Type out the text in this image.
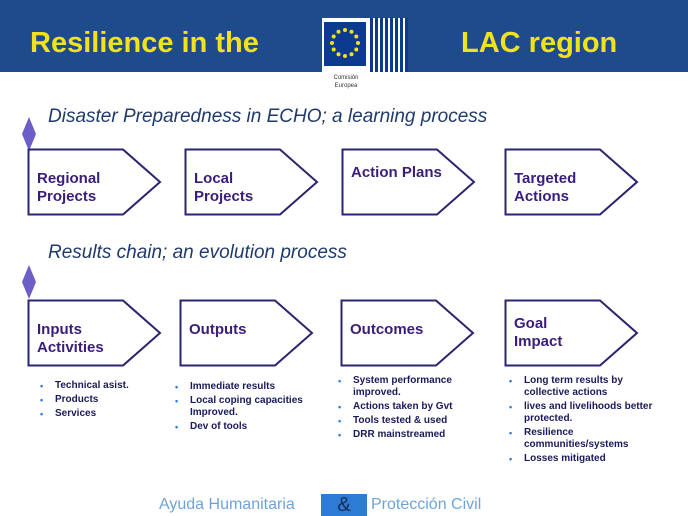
Resilience in the	LAC region
Comisión
Europea
Disaster Preparedness in ECHO; a learning process
Regional
Projects
Local
Projects
Action Plans	Targeted
Actions
Results chain; an evolution process
Inputs
Activities
Outputs	Outcomes	Goal
Impact
• Technical asist.
• Products
• Services
• Immediate results
• Local coping capacities Improved.
• Dev of tools
• System performance improved.
• Actions taken by Gvt
• Tools tested & used
• DRR mainstreamed
• Long term results by collective actions
• lives and livelihoods better protected.
• Resilience communities/systems
• Losses mitigated
Ayuda Humanitaria	&	Protección Civil
